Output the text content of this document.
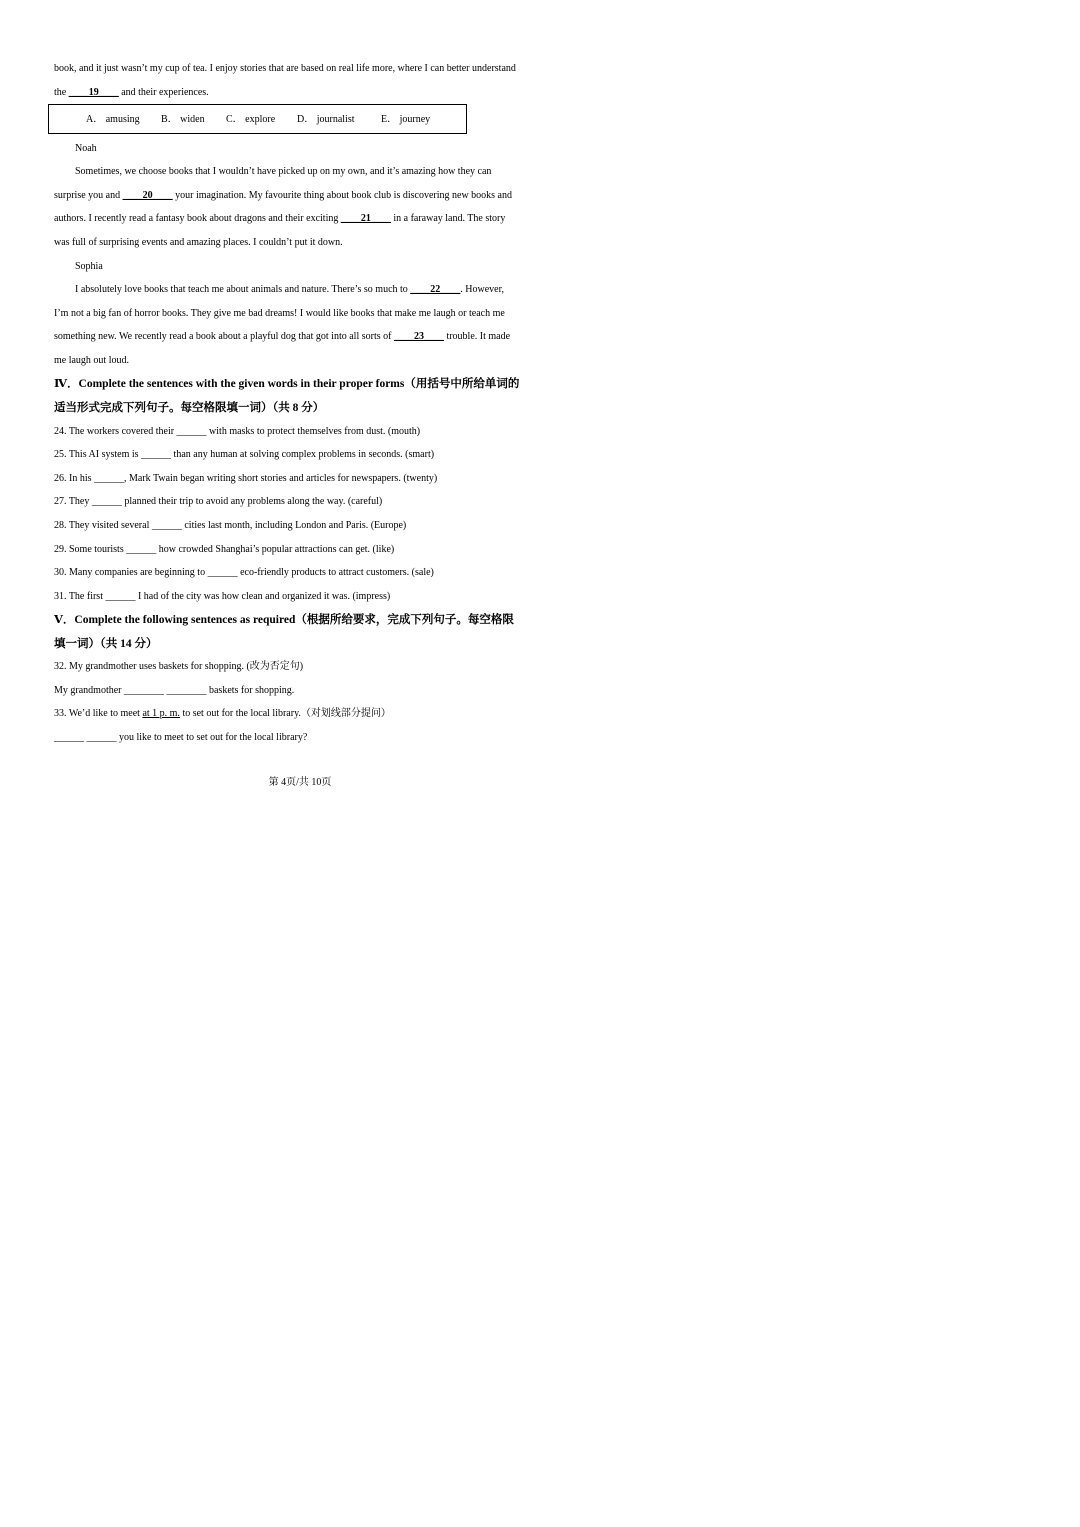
book, and it just wasn’t my cup of tea. I enjoy stories that are based on real life more, where I can better understand
the ____19____ and their experiences.
A． amusing B． widen C． explore D． journalist	E． journey
Noah
Sometimes, we choose books that I wouldn’t have picked up on my own, and it’s amazing how they can
surprise you and ____20____ your imagination. My favourite thing about book club is discovering new books and
authors. I recently read a fantasy book about dragons and their exciting ____21____ in a faraway land. The story
was full of surprising events and amazing places. I couldn’t put it down.
Sophia
I absolutely love books that teach me about animals and nature. There’s so much to ____22____. However,
I’m not a big fan of horror books. They give me bad dreams! I would like books that make me laugh or teach me
something new. We recently read a book about a playful dog that got into all sorts of ____23____ trouble. It made
me laugh out loud.
Ⅳ．Complete the sentences with the given words in their proper forms（用括号中所给单词的
适当形式完成下列句子。每空格限填一词）（共 8 分）
24. The workers covered their ______ with masks to protect themselves from dust. (mouth)
25. This AI system is ______ than any human at solving complex problems in seconds. (smart)
26. In his ______, Mark Twain began writing short stories and articles for newspapers. (twenty)
27. They ______ planned their trip to avoid any problems along the way. (careful)
28. They visited several ______ cities last month, including London and Paris. (Europe)
29. Some tourists ______ how crowded Shanghai’s popular attractions can get. (like)
30. Many companies are beginning to ______ eco-friendly products to attract customers. (sale)
31. The first ______ I had of the city was how clean and organized it was. (impress)
Ⅴ．Complete the following sentences as required（根据所给要求，完成下列句子。每空格限
填一词）（共 14 分）
32. My grandmother uses baskets for shopping. (改为否定句)
My grandmother ________ ________ baskets for shopping.
33. We’d like to meet at 1 p. m. to set out for the local library.（对划线部分提问）
______ ______ you like to meet to set out for the local library?
第 4页/共 10页
